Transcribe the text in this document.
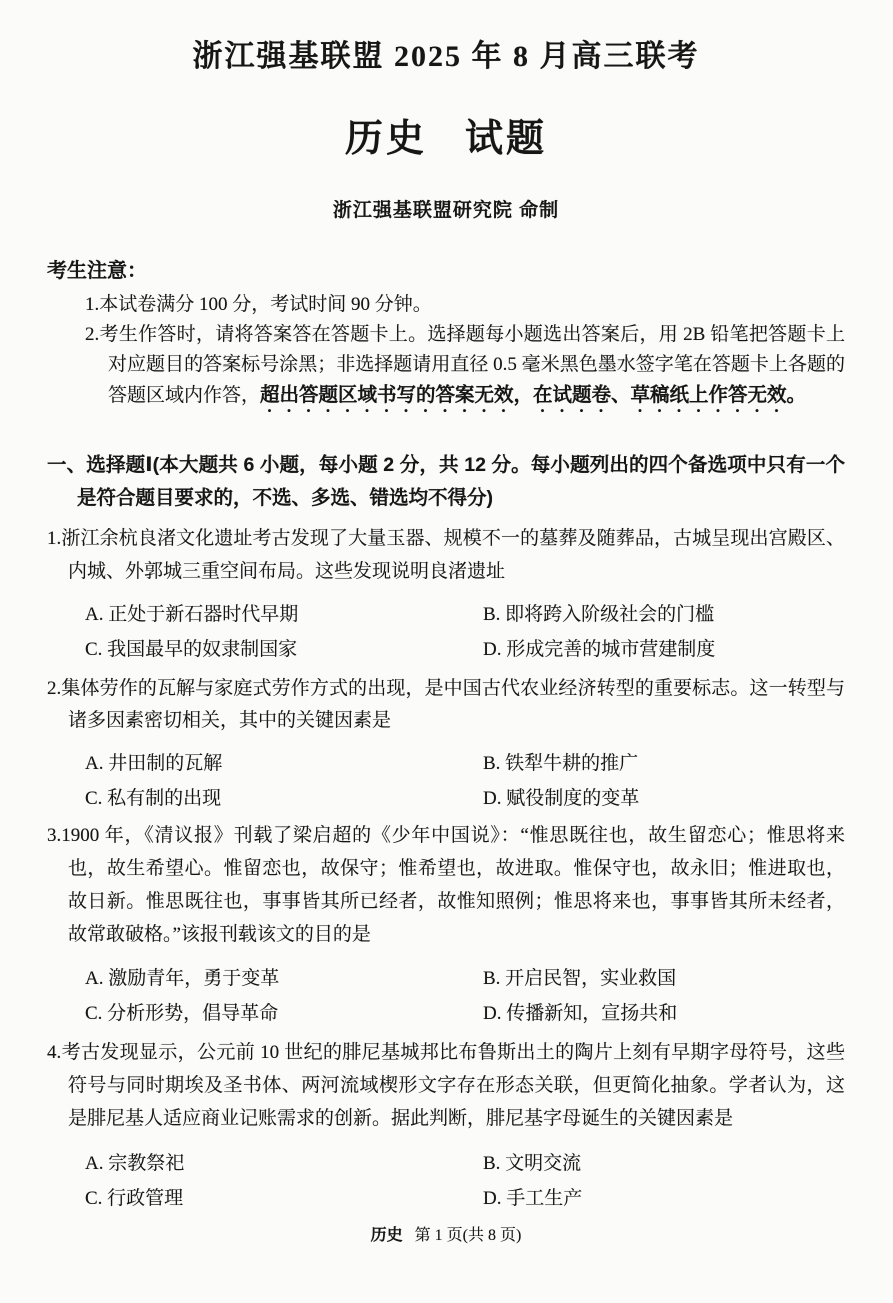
浙江强基联盟 2025 年 8 月高三联考
历史 试题
浙江强基联盟研究院 命制
考生注意：

1.本试卷满分 100 分，考试时间 90 分钟。

2.考生作答时，请将答案答在答题卡上。选择题每小题选出答案后，用 2B 铅笔把答题卡上对应题目的答案标号涂黑；非选择题请用直径 0.5 毫米黑色墨水签字笔在答题卡上各题的答题区域内作答，超出答题区域书写的答案无效，在试题卷、草稿纸上作答无效。

一、选择题Ⅰ(本大题共 6 小题，每小题 2 分，共 12 分。每小题列出的四个备选项中只有一个是符合题目要求的，不选、多选、错选均不得分)

1.浙江余杭良渚文化遗址考古发现了大量玉器、规模不一的墓葬及随葬品，古城呈现出宫殿区、内城、外郭城三重空间布局。这些发现说明良渚遗址

A. 正处于新石器时代早期	B. 即将跨入阶级社会的门槛
C. 我国最早的奴隶制国家	D. 形成完善的城市营建制度

2.集体劳作的瓦解与家庭式劳作方式的出现，是中国古代农业经济转型的重要标志。这一转型与诸多因素密切相关，其中的关键因素是

A. 井田制的瓦解	B. 铁犁牛耕的推广
C. 私有制的出现	D. 赋役制度的变革

3.1900 年，《清议报》刊载了梁启超的《少年中国说》：“惟思既往也，故生留恋心；惟思将来也，故生希望心。惟留恋也，故保守；惟希望也，故进取。惟保守也，故永旧；惟进取也，故日新。惟思既往也，事事皆其所已经者，故惟知照例；惟思将来也，事事皆其所未经者，故常敢破格。”该报刊载该文的目的是

A. 激励青年，勇于变革	B. 开启民智，实业救国
C. 分析形势，倡导革命	D. 传播新知，宣扬共和

4.考古发现显示，公元前 10 世纪的腓尼基城邦比布鲁斯出土的陶片上刻有早期字母符号，这些符号与同时期埃及圣书体、两河流域楔形文字存在形态关联，但更简化抽象。学者认为，这是腓尼基人适应商业记账需求的创新。据此判断，腓尼基字母诞生的关键因素是

A. 宗教祭祀	B. 文明交流
C. 行政管理	D. 手工生产
历史 第 1 页(共 8 页)
